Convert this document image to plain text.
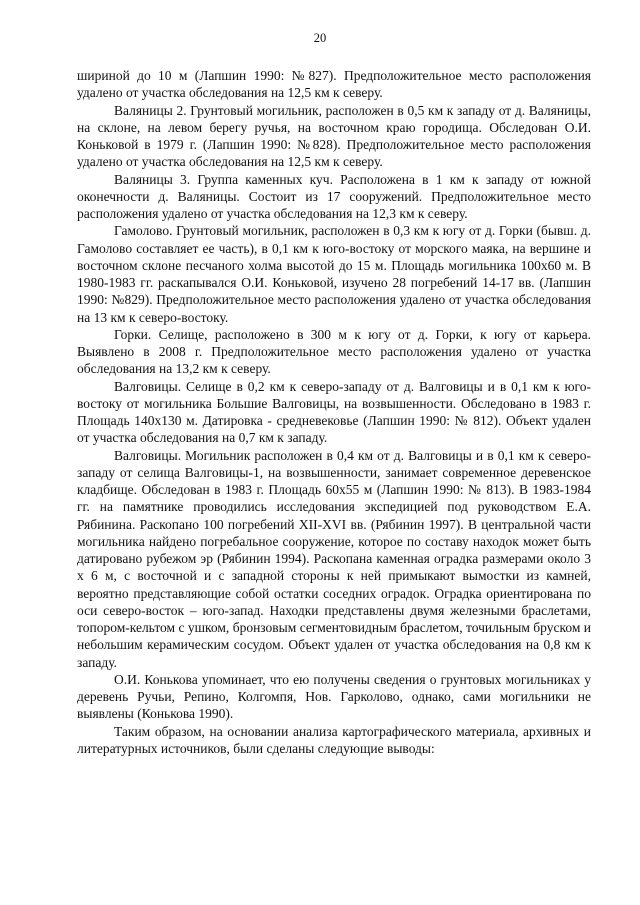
20

шириной до 10 м (Лапшин 1990: №827). Предположительное место расположения удалено от участка обследования на 12,5 км к северу.

Валяницы 2. Грунтовый могильник, расположен в 0,5 км к западу от д. Валяницы, на склоне, на левом берегу ручья, на восточном краю городища. Обследован О.И. Коньковой в 1979 г. (Лапшин 1990: №828). Предположительное место расположения удалено от участка обследования на 12,5 км к северу.

Валяницы 3. Группа каменных куч. Расположена в 1 км к западу от южной оконечности д. Валяницы. Состоит из 17 сооружений. Предположительное место расположения удалено от участка обследования на 12,3 км к северу.

Гамолово. Грунтовый могильник, расположен в 0,3 км к югу от д. Горки (бывш. д. Гамолово составляет ее часть), в 0,1 км к юго-востоку от морского маяка, на вершине и восточном склоне песчаного холма высотой до 15 м. Площадь могильника 100х60 м. В 1980-1983 гг. раскапывался О.И. Коньковой, изучено 28 погребений 14-17 вв. (Лапшин 1990: №829). Предположительное место расположения удалено от участка обследования на 13 км к северо-востоку.

Горки. Селище, расположено в 300 м к югу от д. Горки, к югу от карьера. Выявлено в 2008 г. Предположительное место расположения удалено от участка обследования на 13,2 км к северу.

Валговицы. Селище в 0,2 км к северо-западу от д. Валговицы и в 0,1 км к юго-востоку от могильника Большие Валговицы, на возвышенности. Обследовано в 1983 г. Площадь 140х130 м. Датировка - средневековье (Лапшин 1990: № 812). Объект удален от участка обследования на 0,7 км к западу.

Валговицы. Могильник расположен в 0,4 км от д. Валговицы и в 0,1 км к северо-западу от селища Валговицы-1, на возвышенности, занимает современное деревенское кладбище. Обследован в 1983 г. Площадь 60х55 м (Лапшин 1990: № 813). В 1983-1984 гг. на памятнике проводились исследования экспедицией под руководством Е.А. Рябинина. Раскопано 100 погребений XII-XVI вв. (Рябинин 1997). В центральной части могильника найдено погребальное сооружение, которое по составу находок может быть датировано рубежом эр (Рябинин 1994). Раскопана каменная оградка размерами около 3 х 6 м, с восточной и с западной стороны к ней примыкают вымостки из камней, вероятно представляющие собой остатки соседних оградок. Оградка ориентирована по оси северо-восток – юго-запад. Находки представлены двумя железными браслетами, топором-кельтом с ушком, бронзовым сегментовидным браслетом, точильным бруском и небольшим керамическим сосудом. Объект удален от участка обследования на 0,8 км к западу.

О.И. Конькова упоминает, что ею получены сведения о грунтовых могильниках у деревень Ручьи, Репино, Колгомпя, Нов. Гарколово, однако, сами могильники не выявлены (Конькова 1990).

Таким образом, на основании анализа картографического материала, архивных и литературных источников, были сделаны следующие выводы:
